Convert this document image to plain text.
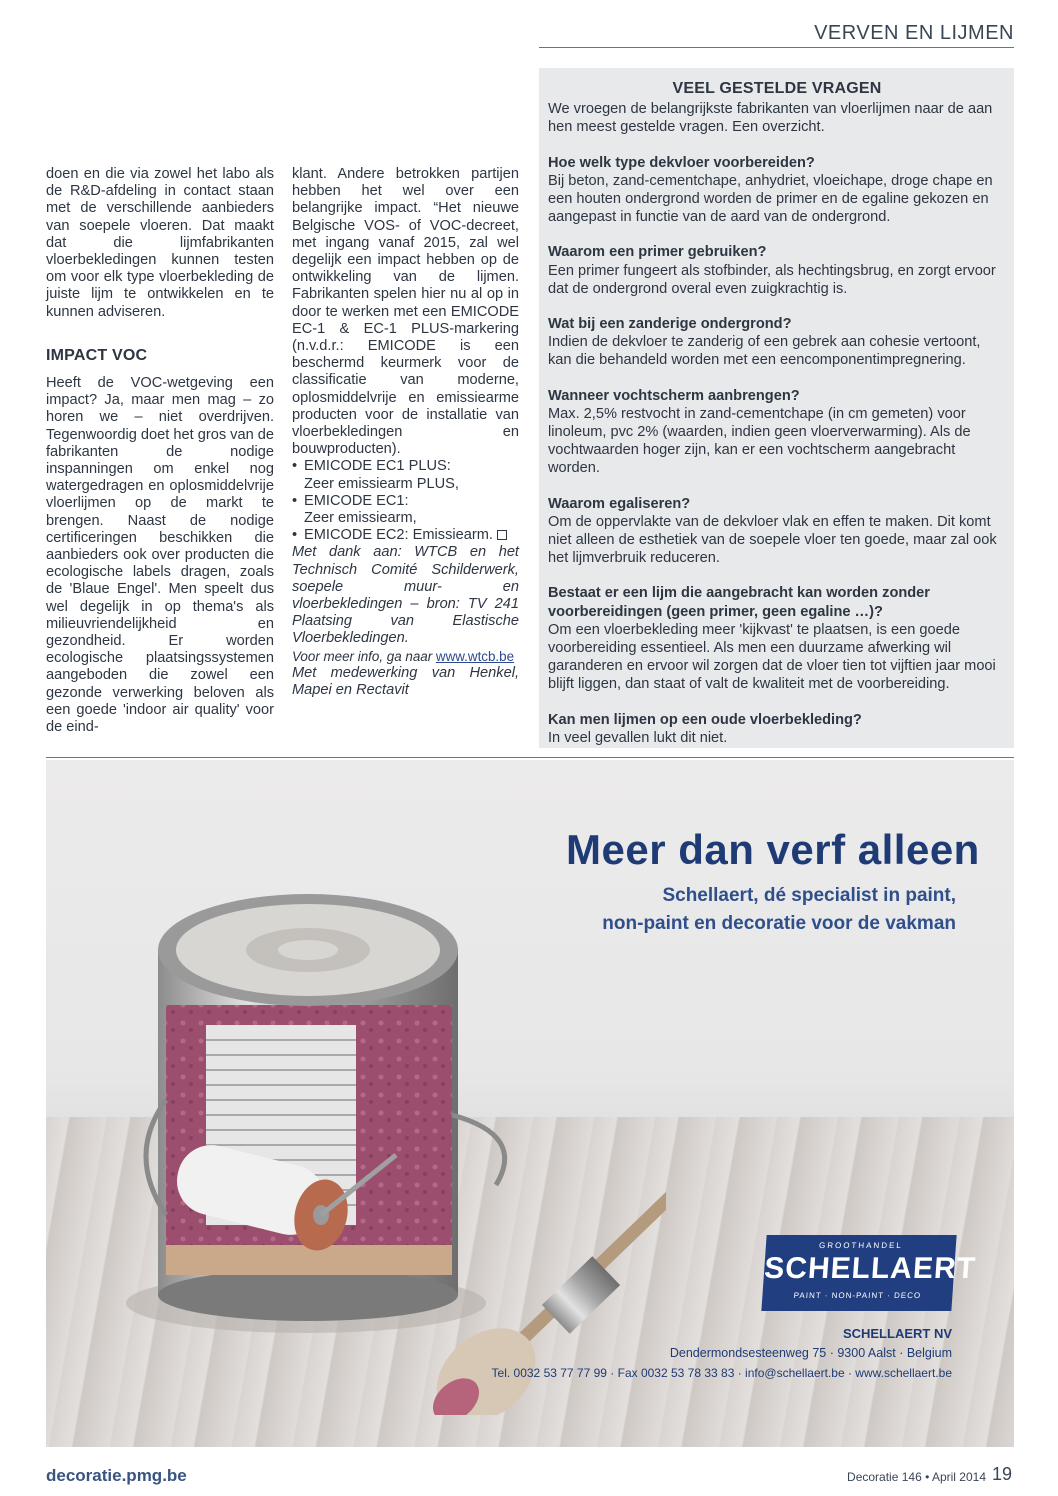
VERVEN EN LIJMEN

doen en die via zowel het labo als de R&D-afdeling in contact staan met de verschillende aanbieders van soepele vloeren. Dat maakt dat die lijmfabrikanten vloerbekledingen kunnen testen om voor elk type vloerbekleding de juiste lijm te ontwikkelen en te kunnen adviseren.

IMPACT VOC

Heeft de VOC-wetgeving een impact? Ja, maar men mag – zo horen we – niet overdrijven. Tegenwoordig doet het gros van de fabrikanten de nodige inspanningen om enkel nog watergedragen en oplosmiddelvrije vloerlijmen op de markt te brengen. Naast de nodige certificeringen beschikken die aanbieders ook over producten die ecologische labels dragen, zoals de 'Blaue Engel'. Men speelt dus wel degelijk in op thema's als milieuvriendelijkheid en gezondheid. Er worden ecologische plaatsingssystemen aangeboden die zowel een gezonde verwerking beloven als een goede 'indoor air quality' voor de eind-

klant. Andere betrokken partijen hebben het wel over een belangrijke impact. “Het nieuwe Belgische VOS- of VOC-decreet, met ingang vanaf 2015, zal wel degelijk een impact hebben op de ontwikkeling van de lijmen. Fabrikanten spelen hier nu al op in door te werken met een EMICODE EC-1 & EC-1 PLUS-markering (n.v.d.r.: EMICODE is een beschermd keurmerk voor de classificatie van moderne, oplosmiddelvrije en emissiearme producten voor de installatie van vloerbekledingen en bouwproducten).

• EMICODE EC1 PLUS:
Zeer emissiearm PLUS,
• EMICODE EC1:
Zeer emissiearm,
• EMICODE EC2: Emissiearm.

Met dank aan: WTCB en het Technisch Comité Schilderwerk, soepele muur- en vloerbekledingen – bron: TV 241 Plaatsing van Elastische Vloerbekledingen.

Voor meer info, ga naar www.wtcb.be

Met medewerking van Henkel, Mapei en Rectavit

VEEL GESTELDE VRAGEN

We vroegen de belangrijkste fabrikanten van vloerlijmen naar de aan hen meest gestelde vragen. Een overzicht.

Hoe welk type dekvloer voorbereiden?
Bij beton, zand-cementchape, anhydriet, vloeichape, droge chape en een houten ondergrond worden de primer en de egaline gekozen en aangepast in functie van de aard van de ondergrond.
Waarom een primer gebruiken?
Een primer fungeert als stofbinder, als hechtingsbrug, en zorgt ervoor dat de ondergrond overal even zuigkrachtig is.
Wat bij een zanderige ondergrond?
Indien de dekvloer te zanderig of een gebrek aan cohesie vertoont, kan die behandeld worden met een eencomponentimpregnering.
Wanneer vochtscherm aanbrengen?
Max. 2,5% restvocht in zand-cementchape (in cm gemeten) voor linoleum, pvc 2% (waarden, indien geen vloerverwarming). Als de vochtwaarden hoger zijn, kan er een vochtscherm aangebracht worden.
Waarom egaliseren?
Om de oppervlakte van de dekvloer vlak en effen te maken. Dit komt niet alleen de esthetiek van de soepele vloer ten goede, maar zal ook het lijmverbruik reduceren.
Bestaat er een lijm die aangebracht kan worden zonder voorbereidingen (geen primer, geen egaline …)?
Om een vloerbekleding meer 'kijkvast' te plaatsen, is een goede voorbereiding essentieel. Als men een duurzame afwerking wil garanderen en ervoor wil zorgen dat de vloer tien tot vijftien jaar mooi blijft liggen, dan staat of valt de kwaliteit met de voorbereiding.
Kan men lijmen op een oude vloerbekleding?
In veel gevallen lukt dit niet.
Meer dan verf alleen
Schellaert, dé specialist in paint,
non-paint en decoratie voor de vakman
GROOTHANDEL
SCHELLAERT
PAINT · NON-PAINT · DECO
SCHELLAERT NV
Dendermondsesteenweg 75 · 9300 Aalst · Belgium
Tel. 0032 53 77 77 99 · Fax 0032 53 78 33 83 · info@schellaert.be · www.schellaert.be
decoratie.pmg.be	Decoratie 146 • April 2014 19
